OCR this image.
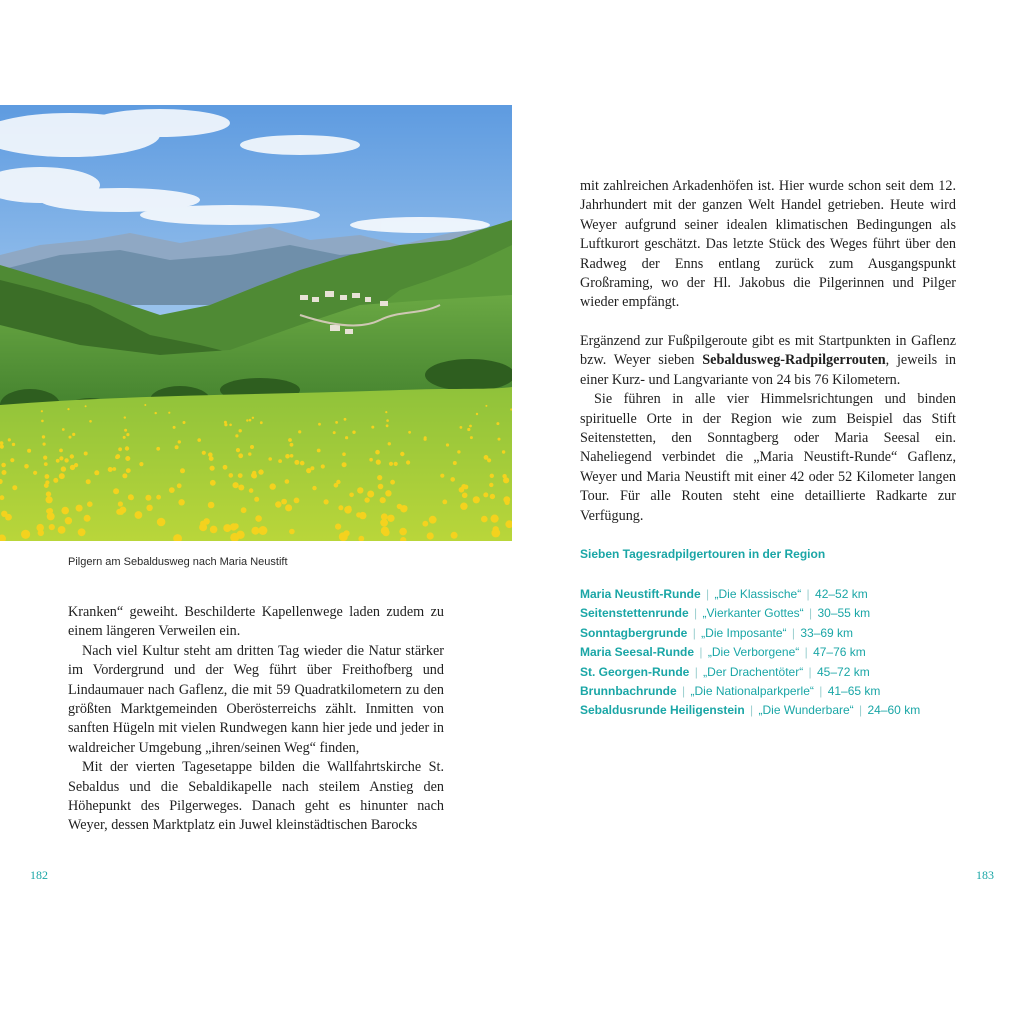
Pilgern am Sebaldusweg nach Maria Neustift

Kranken“ geweiht. Beschilderte Kapellenwege laden zudem zu einem längeren Verweilen ein.

Nach viel Kultur steht am dritten Tag wieder die Natur stärker im Vordergrund und der Weg führt über Freithofberg und Lindaumauer nach Gaflenz, die mit 59 Quadratkilometern zu den größten Marktgemeinden Oberösterreichs zählt. Inmitten von sanften Hügeln mit vielen Rundwegen kann hier jede und jeder in waldreicher Umgebung „ihren/seinen Weg“ finden,

Mit der vierten Tagesetappe bilden die Wallfahrtskirche St. Sebaldus und die Sebaldikapelle nach steilem Anstieg den Höhepunkt des Pilgerweges. Danach geht es hinunter nach Weyer, dessen Marktplatz ein Juwel kleinstädtischen Barocks

mit zahlreichen Arkadenhöfen ist. Hier wurde schon seit dem 12. Jahrhundert mit der ganzen Welt Handel getrieben. Heute wird Weyer aufgrund seiner idealen klimatischen Bedingungen als Luftkurort geschätzt. Das letzte Stück des Weges führt über den Radweg der Enns entlang zurück zum Ausgangspunkt Großraming, wo der Hl. Jakobus die Pilgerinnen und Pilger wieder empfängt.

Ergänzend zur Fußpilgeroute gibt es mit Startpunkten in Gaflenz bzw. Weyer sieben Sebaldusweg-Radpilgerrouten, jeweils in einer Kurz- und Langvariante von 24 bis 76 Kilometern.

Sie führen in alle vier Himmelsrichtungen und binden spirituelle Orte in der Region wie zum Beispiel das Stift Seitenstetten, den Sonntagberg oder Maria Seesal ein. Naheliegend verbindet die „Maria Neustift-Runde“ Gaflenz, Weyer und Maria Neustift mit einer 42 oder 52 Kilometer langen Tour. Für alle Routen steht eine detaillierte Radkarte zur Verfügung.

Sieben Tagesradpilgertouren in der Region
Maria Neustift-Runde | „Die Klassische“ | 42–52 km
Seitenstettenrunde | „Vierkanter Gottes“ | 30–55 km
Sonntagbergrunde | „Die Imposante“ | 33–69 km
Maria Seesal-Runde | „Die Verborgene“ | 47–76 km
St. Georgen-Runde | „Der Drachentöter“ | 45–72 km
Brunnbachrunde | „Die Nationalparkperle“ | 41–65 km
Sebaldusrunde Heiligenstein | „Die Wunderbare“ | 24–60 km
182	183
